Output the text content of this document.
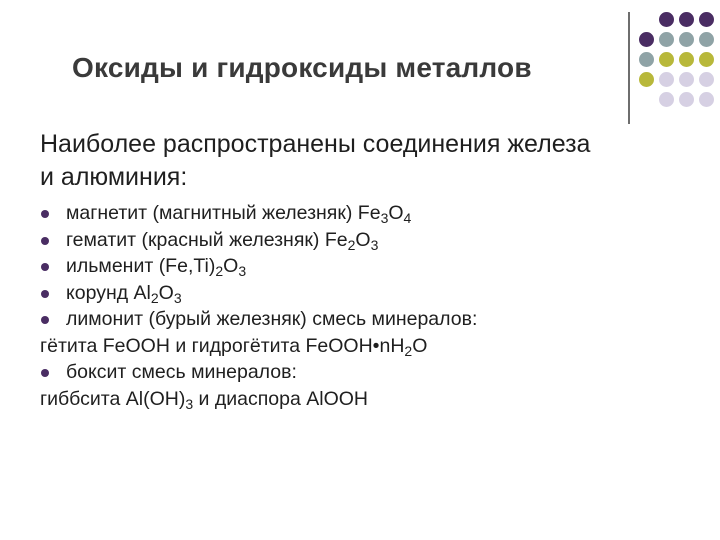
Оксиды и гидроксиды металлов
Наиболее распространены соединения железа
и алюминия:
магнетит (магнитный железняк) $Fe_3O_4$
гематит (красный железняк) $Fe_2O_3$
ильменит $(Fe,Ti)_2O_3$
корунд $Al_2O_3$
лимонит (бурый железняк) смесь минералов:
гётита FeOOH и гидрогётита $FeOOH•nH_2O$
боксит смесь минералов:
гиббсита $Al(OH)_3$ и диаспора AlOOH
